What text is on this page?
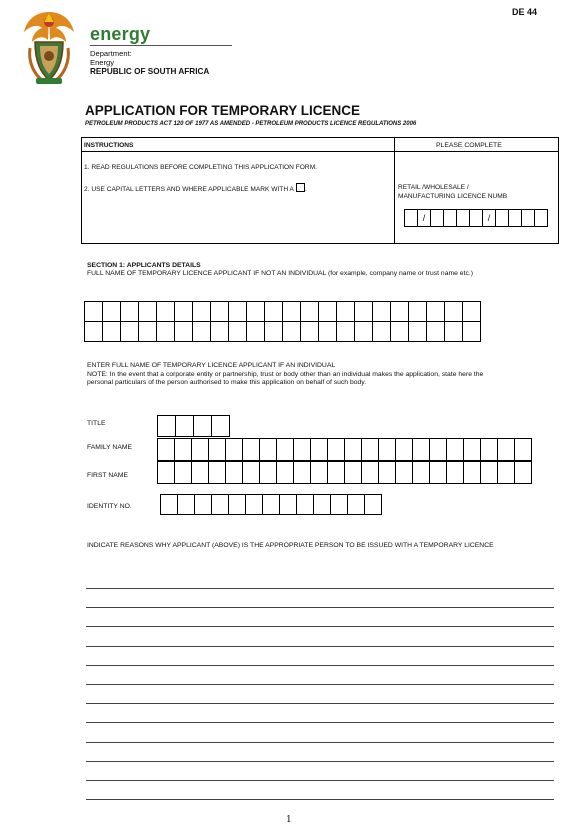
DE 44
energy
Department:
Energy
REPUBLIC OF SOUTH AFRICA
APPLICATION FOR TEMPORARY LICENCE
PETROLEUM PRODUCTS ACT 120 OF 1977 AS AMENDED - PETROLEUM PRODUCTS LICENCE REGULATIONS 2006
INSTRUCTIONS	PLEASE COMPLETE
1. READ REGULATIONS BEFORE COMPLETING THIS APPLICATION FORM.
2. USE CAPITAL LETTERS AND WHERE APPLICABLE MARK WITH A .	RETAIL /WHOLESALE /
MANUFACTURING LICENCE NUMB
/	/
SECTION 1: APPLICANTS DETAILS
FULL NAME OF TEMPORARY LICENCE APPLICANT IF NOT AN INDIVIDUAL (for example, company name or trust name etc.)
ENTER FULL NAME OF TEMPORARY LICENCE APPLICANT IF AN INDIVIDUAL
NOTE: In the event that a corporate entity or partnership, trust or body other than an individual makes the application, state here the personal particulars of the person authorised to make this application on behalf of such body.
TITLE
FAMILY NAME
FIRST NAME
IDENTITY NO.
INDICATE REASONS WHY APPLICANT (ABOVE) IS THE APPROPRIATE PERSON TO BE ISSUED WITH A TEMPORARY LICENCE
1
